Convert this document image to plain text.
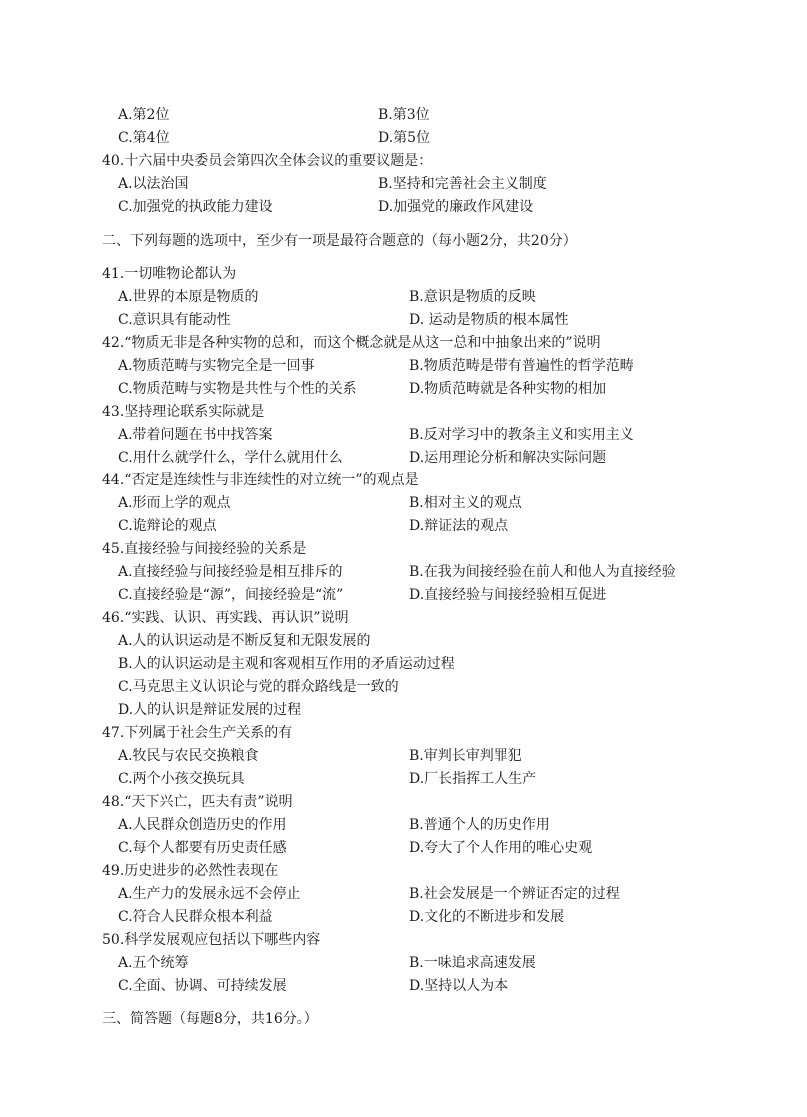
A.第2位	B.第3位
C.第4位	D.第5位
40.十六届中央委员会第四次全体会议的重要议题是：
A.以法治国	B.坚持和完善社会主义制度
C.加强党的执政能力建设	D.加强党的廉政作风建设
二、下列每题的选项中，至少有一项是最符合题意的（每小题2分，共20分）
41.一切唯物论都认为
A.世界的本原是物质的	B.意识是物质的反映
C.意识具有能动性	D. 运动是物质的根本属性
42.“物质无非是各种实物的总和，而这个概念就是从这一总和中抽象出来的”说明
A.物质范畴与实物完全是一回事	B.物质范畴是带有普遍性的哲学范畴
C.物质范畴与实物是共性与个性的关系	D.物质范畴就是各种实物的相加
43.坚持理论联系实际就是
A.带着问题在书中找答案	B.反对学习中的教条主义和实用主义
C.用什么就学什么，学什么就用什么	D.运用理论分析和解决实际问题
44.“否定是连续性与非连续性的对立统一”的观点是
A.形而上学的观点	B.相对主义的观点
C.诡辩论的观点	D.辩证法的观点
45.直接经验与间接经验的关系是
A.直接经验与间接经验是相互排斥的	B.在我为间接经验在前人和他人为直接经验
C.直接经验是“源”，间接经验是“流”	D.直接经验与间接经验相互促进
46.“实践、认识、再实践、再认识”说明
A.人的认识运动是不断反复和无限发展的
B.人的认识运动是主观和客观相互作用的矛盾运动过程
C.马克思主义认识论与党的群众路线是一致的
D.人的认识是辩证发展的过程
47.下列属于社会生产关系的有
A.牧民与农民交换粮食	B.审判长审判罪犯
C.两个小孩交换玩具	D.厂长指挥工人生产
48.“天下兴亡，匹夫有责”说明
A.人民群众创造历史的作用	B.普通个人的历史作用
C.每个人都要有历史责任感	D.夸大了个人作用的唯心史观
49.历史进步的必然性表现在
A.生产力的发展永远不会停止	B.社会发展是一个辨证否定的过程
C.符合人民群众根本利益	D.文化的不断进步和发展
50.科学发展观应包括以下哪些内容
A.五个统筹	B.一味追求高速发展
C.全面、协调、可持续发展	D.坚持以人为本
三、简答题（每题8分，共16分。）
